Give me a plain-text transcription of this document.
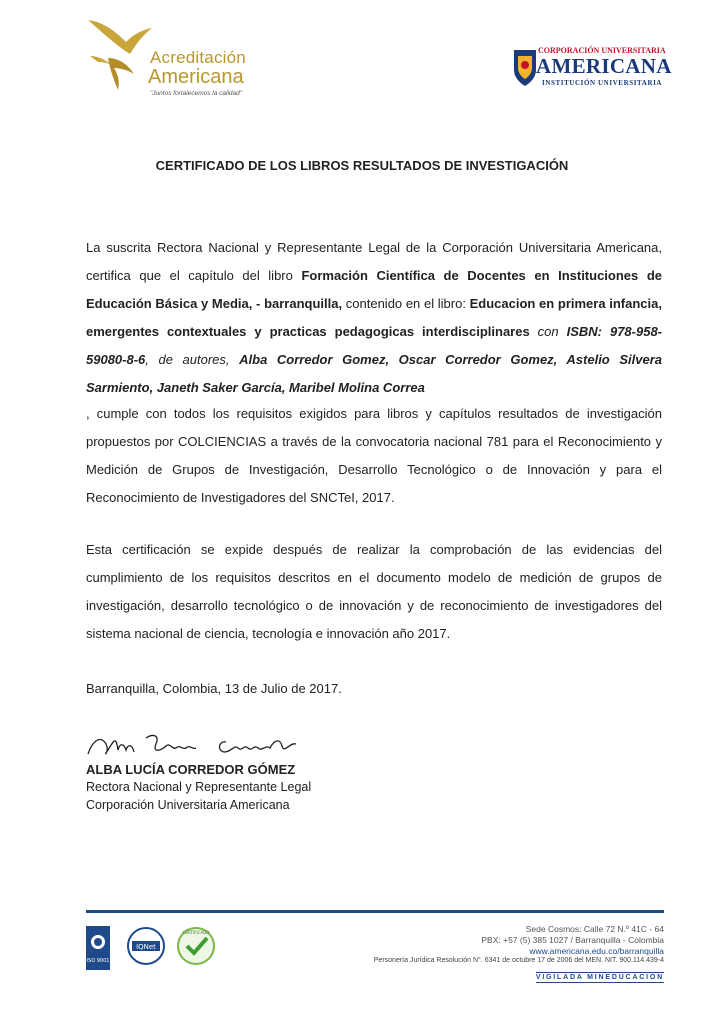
Acreditación
Americana
"Juntos fortalecemos la calidad"
CORPORACIÓN UNIVERSITARIA
AMERICANA
INSTITUCIÓN UNIVERSITARIA
CERTIFICADO DE LOS LIBROS RESULTADOS DE INVESTIGACIÓN

La suscrita Rectora Nacional y Representante Legal de la Corporación Universitaria Americana, certifica que el capítulo del libro Formación Científica de Docentes en Instituciones de Educación Básica y Media, - barranquilla, contenido en el libro: Educacion en primera infancia, emergentes contextuales y practicas pedagogicas interdisciplinares con ISBN: 978-958-59080-8-6, de autores, Alba Corredor Gomez, Oscar Corredor Gomez, Astelio Silvera Sarmiento, Janeth Saker García, Maribel Molina Correa

, cumple con todos los requisitos exigidos para libros y capítulos resultados de investigación propuestos por COLCIENCIAS a través de la convocatoria nacional 781 para el Reconocimiento y Medición de Grupos de Investigación, Desarrollo Tecnológico o de Innovación y para el Reconocimiento de Investigadores del SNCTeI, 2017.

Esta certificación se expide después de realizar la comprobación de las evidencias del cumplimiento de los requisitos descritos en el documento modelo de medición de grupos de investigación, desarrollo tecnológico o de innovación y de reconocimiento de investigadores del sistema nacional de ciencia, tecnología e innovación año 2017.

Barranquilla, Colombia, 13 de Julio de 2017.

ALBA LUCÍA CORREDOR GÓMEZ
Rectora Nacional y Representante Legal
Corporación Universitaria Americana
ISO 9001
IQNet
CERTIFICADO	Sede Cosmos: Calle 72 N.º 41C - 64
PBX: +57 (5) 385 1027 / Barranquilla - Colombia
www.americana.edu.co/barranquilla
Personería Jurídica Resolución N°. 6341 de octubre 17 de 2006 del MEN. NIT. 900.114.439-4
VIGILADA MINEDUCACIÓN
